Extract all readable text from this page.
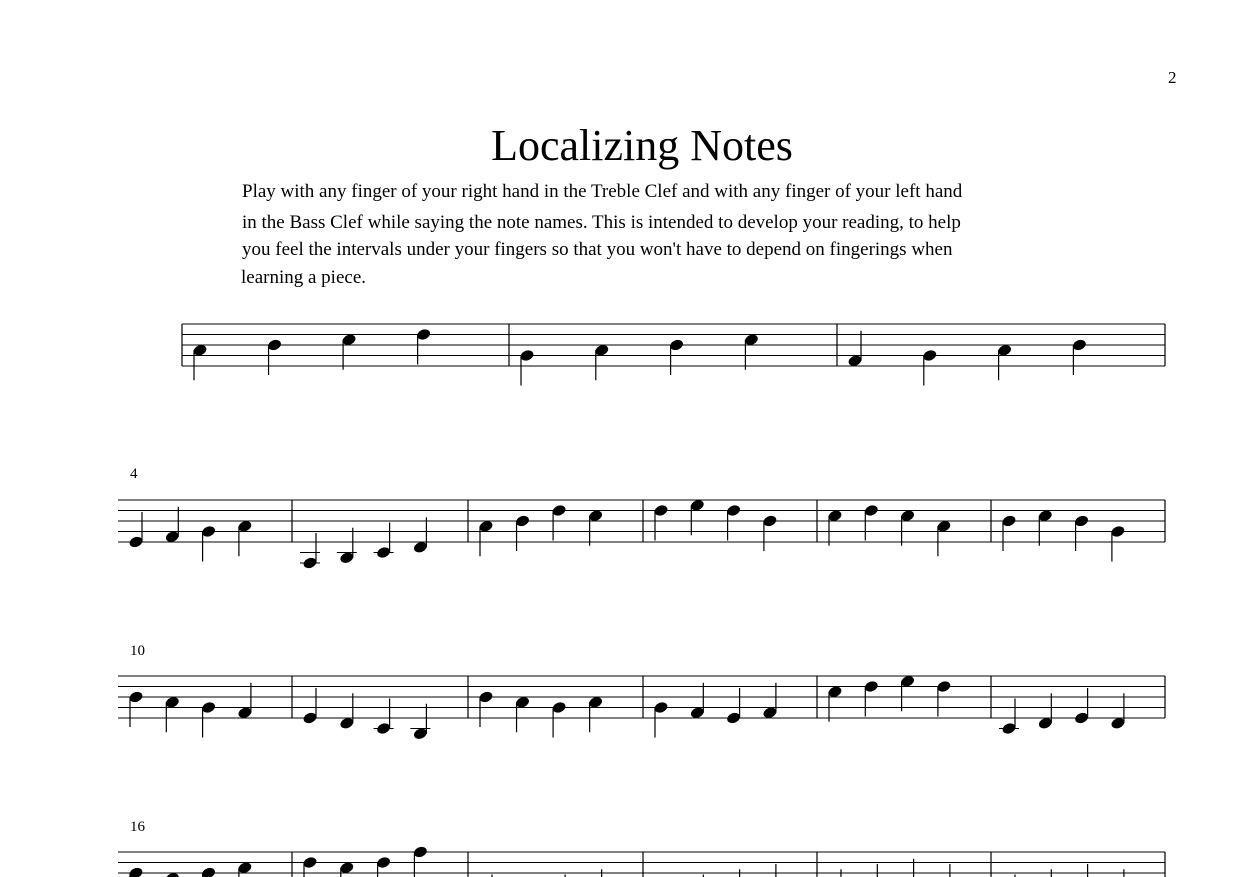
2
Localizing Notes
Play with any finger of your right hand in the Treble Clef and with any finger of your left hand
in the Bass Clef while saying the note names. This is intended to develop your reading, to help
you feel the intervals under your fingers so that you won't have to depend on fingerings when
learning a piece.
4
10
16
